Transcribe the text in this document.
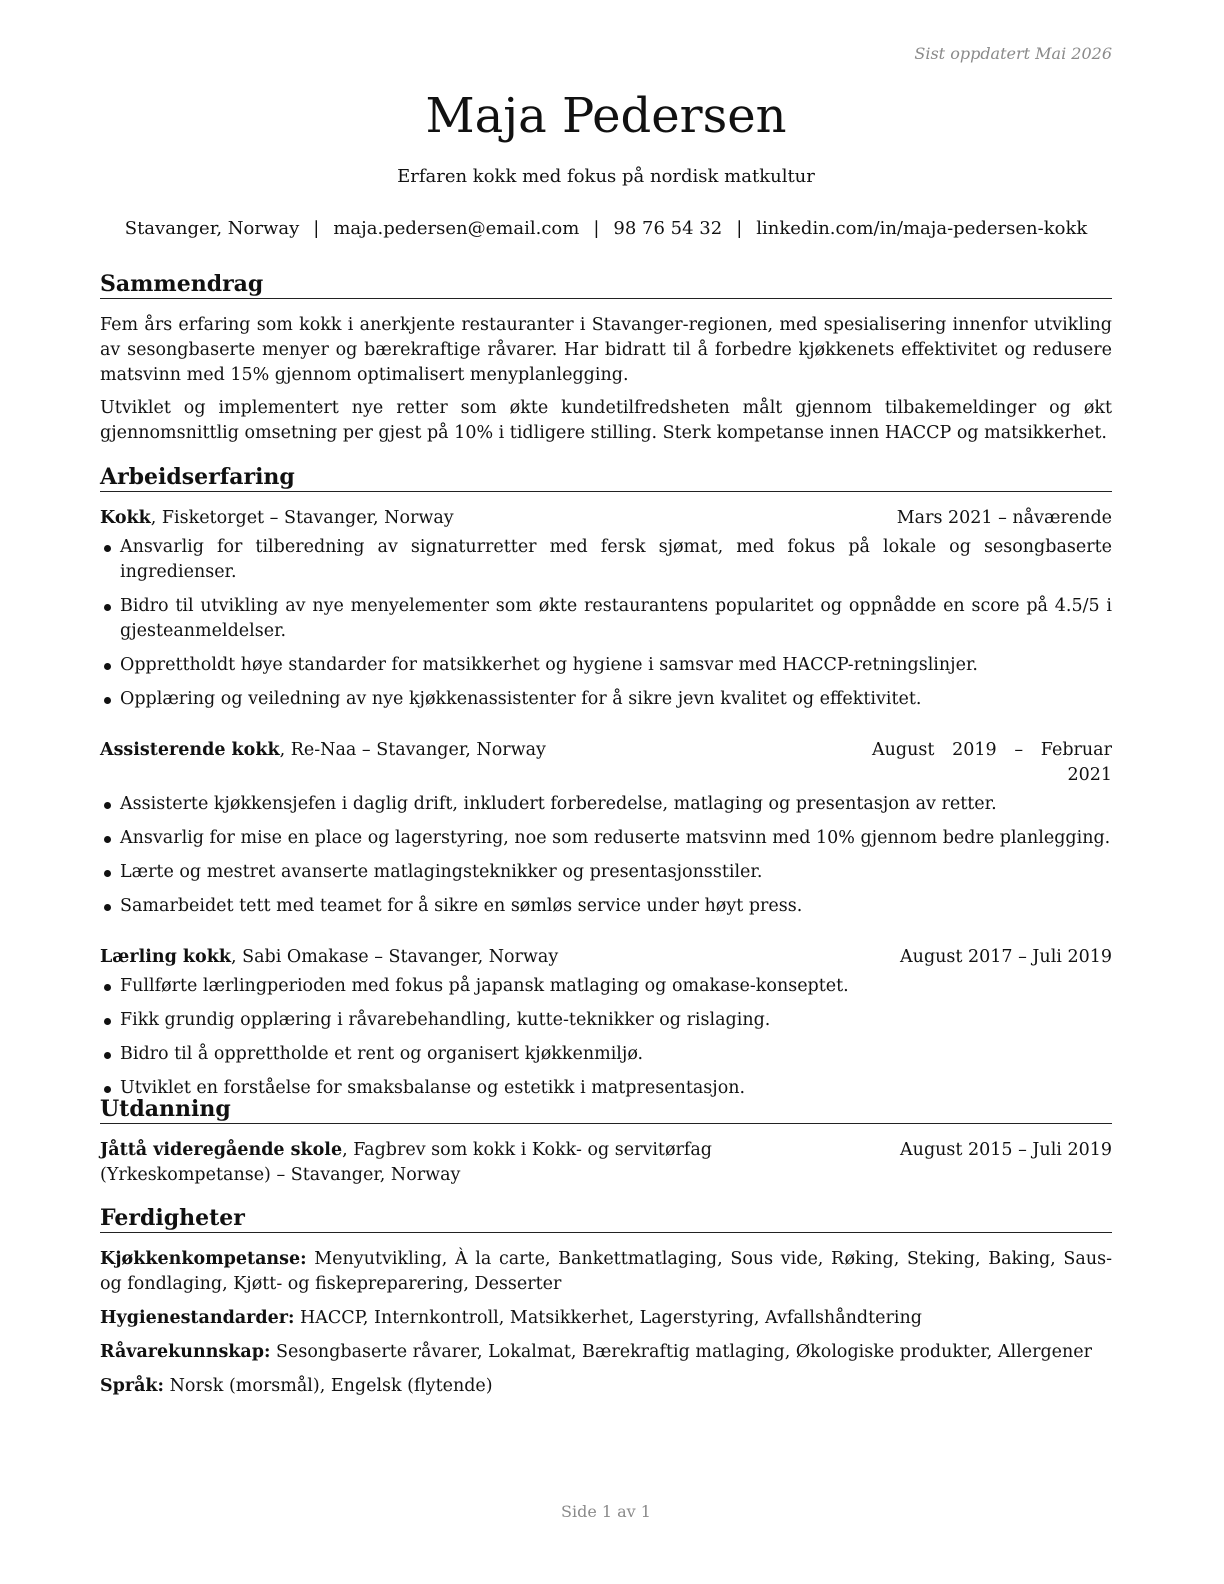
Sist oppdatert Mai 2026
Maja Pedersen
Erfaren kokk med fokus på nordisk matkultur
Stavanger, Norway | maja.pedersen@email.com | 98 76 54 32 | linkedin.com/in/maja-pedersen-kokk
Sammendrag

Fem års erfaring som kokk i anerkjente restauranter i Stavanger-regionen, med spesialisering innenfor utvikling av sesongbaserte menyer og bærekraftige råvarer. Har bidratt til å forbedre kjøkkenets effektivitet og redusere matsvinn med 15% gjennom optimalisert menyplanlegging.

Utviklet og implementert nye retter som økte kundetilfredsheten målt gjennom tilbakemeldinger og økt gjennomsnittlig omsetning per gjest på 10% i tidligere stilling. Sterk kompetanse innen HACCP og matsikkerhet.

Arbeidserfaring
Kokk, Fisketorget – Stavanger, Norway	Mars 2021 – nåværende
Ansvarlig for tilberedning av signaturretter med fersk sjømat, med fokus på lokale og sesongbaserte ingredienser.
Bidro til utvikling av nye menyelementer som økte restaurantens popularitet og oppnådde en score på 4.5/5 i gjesteanmeldelser.
Opprettholdt høye standarder for matsikkerhet og hygiene i samsvar med HACCP-retningslinjer.
Opplæring og veiledning av nye kjøkkenassistenter for å sikre jevn kvalitet og effektivitet.
Assisterende kokk, Re-Naa – Stavanger, Norway	August 2019 – Februar 2021
Assisterte kjøkkensjefen i daglig drift, inkludert forberedelse, matlaging og presentasjon av retter.
Ansvarlig for mise en place og lagerstyring, noe som reduserte matsvinn med 10% gjennom bedre planlegging.
Lærte og mestret avanserte matlagingsteknikker og presentasjonsstiler.
Samarbeidet tett med teamet for å sikre en sømløs service under høyt press.
Lærling kokk, Sabi Omakase – Stavanger, Norway	August 2017 – Juli 2019
Fullførte lærlingperioden med fokus på japansk matlaging og omakase-konseptet.
Fikk grundig opplæring i råvarebehandling, kutte-teknikker og rislaging.
Bidro til å opprettholde et rent og organisert kjøkkenmiljø.
Utviklet en forståelse for smaksbalanse og estetikk i matpresentasjon.
Utdanning
Jåttå videregående skole, Fagbrev som kokk i Kokk- og servitørfag (Yrkeskompetanse) – Stavanger, Norway
August 2015 – Juli 2019
Ferdigheter
Kjøkkenkompetanse: Menyutvikling, À la carte, Bankettmatlaging, Sous vide, Røking, Steking, Baking, Saus- og fondlaging, Kjøtt- og fiskepreparering, Desserter
Hygienestandarder: HACCP, Internkontroll, Matsikkerhet, Lagerstyring, Avfallshåndtering
Råvarekunnskap: Sesongbaserte råvarer, Lokalmat, Bærekraftig matlaging, Økologiske produkter, Allergener
Språk: Norsk (morsmål), Engelsk (flytende)
Side 1 av 1
